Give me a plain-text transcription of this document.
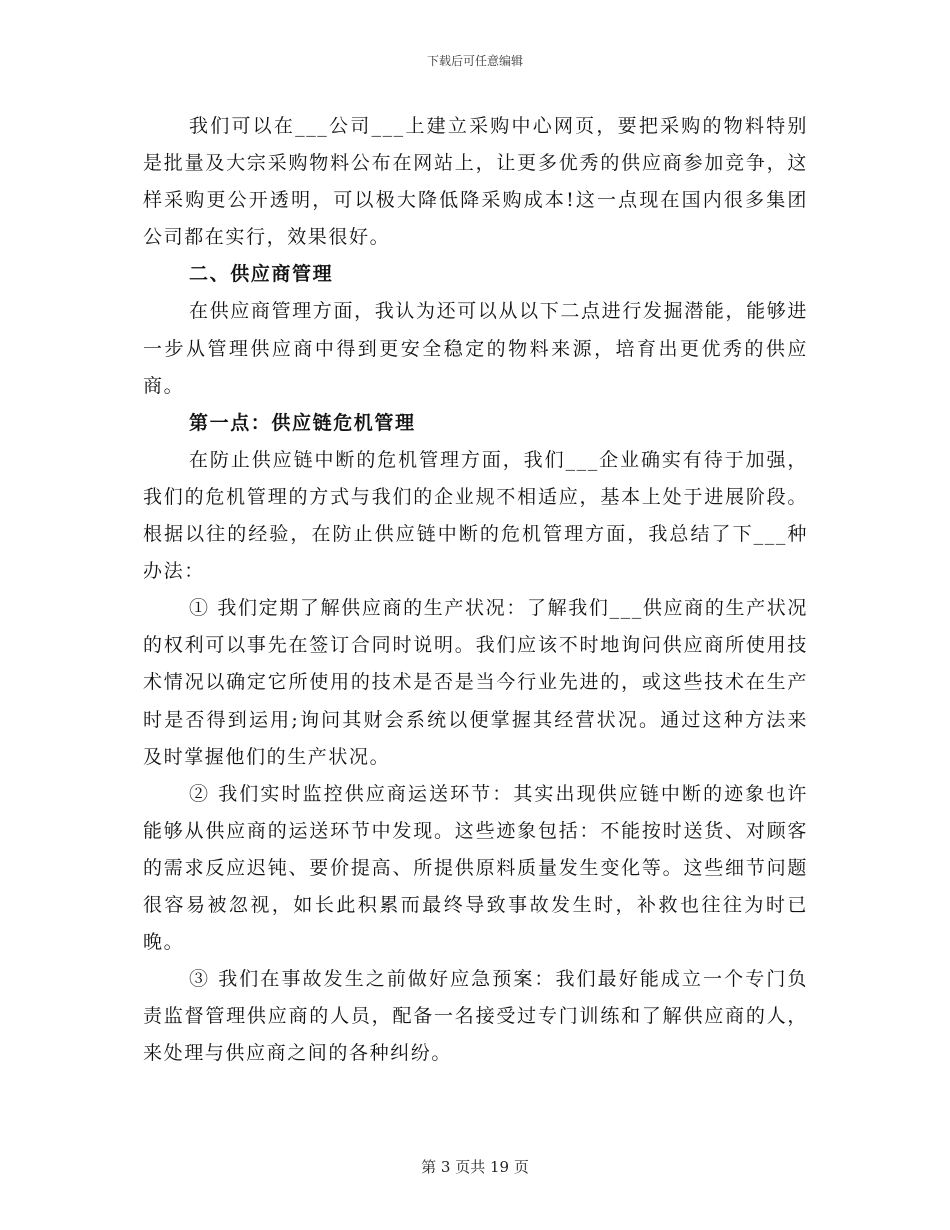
下载后可任意编辑

我们可以在___公司___上建立采购中心网页，要把采购的物料特别是批量及大宗采购物料公布在网站上，让更多优秀的供应商参加竞争，这样采购更公开透明，可以极大降低降采购成本!这一点现在国内很多集团公司都在实行，效果很好。

二、供应商管理

在供应商管理方面，我认为还可以从以下二点进行发掘潜能，能够进一步从管理供应商中得到更安全稳定的物料来源，培育出更优秀的供应商。

第一点：供应链危机管理

在防止供应链中断的危机管理方面，我们___企业确实有待于加强，我们的危机管理的方式与我们的企业规不相适应，基本上处于进展阶段。根据以往的经验，在防止供应链中断的危机管理方面，我总结了下___种办法：

① 我们定期了解供应商的生产状况：了解我们___供应商的生产状况的权利可以事先在签订合同时说明。我们应该不时地询问供应商所使用技术情况以确定它所使用的技术是否是当今行业先进的，或这些技术在生产时是否得到运用;询问其财会系统以便掌握其经营状况。通过这种方法来及时掌握他们的生产状况。

② 我们实时监控供应商运送环节：其实出现供应链中断的迹象也许能够从供应商的运送环节中发现。这些迹象包括：不能按时送货、对顾客的需求反应迟钝、要价提高、所提供原料质量发生变化等。这些细节问题很容易被忽视，如长此积累而最终导致事故发生时，补救也往往为时已晚。

③ 我们在事故发生之前做好应急预案：我们最好能成立一个专门负责监督管理供应商的人员，配备一名接受过专门训练和了解供应商的人，来处理与供应商之间的各种纠纷。

第 3 页共 19 页
